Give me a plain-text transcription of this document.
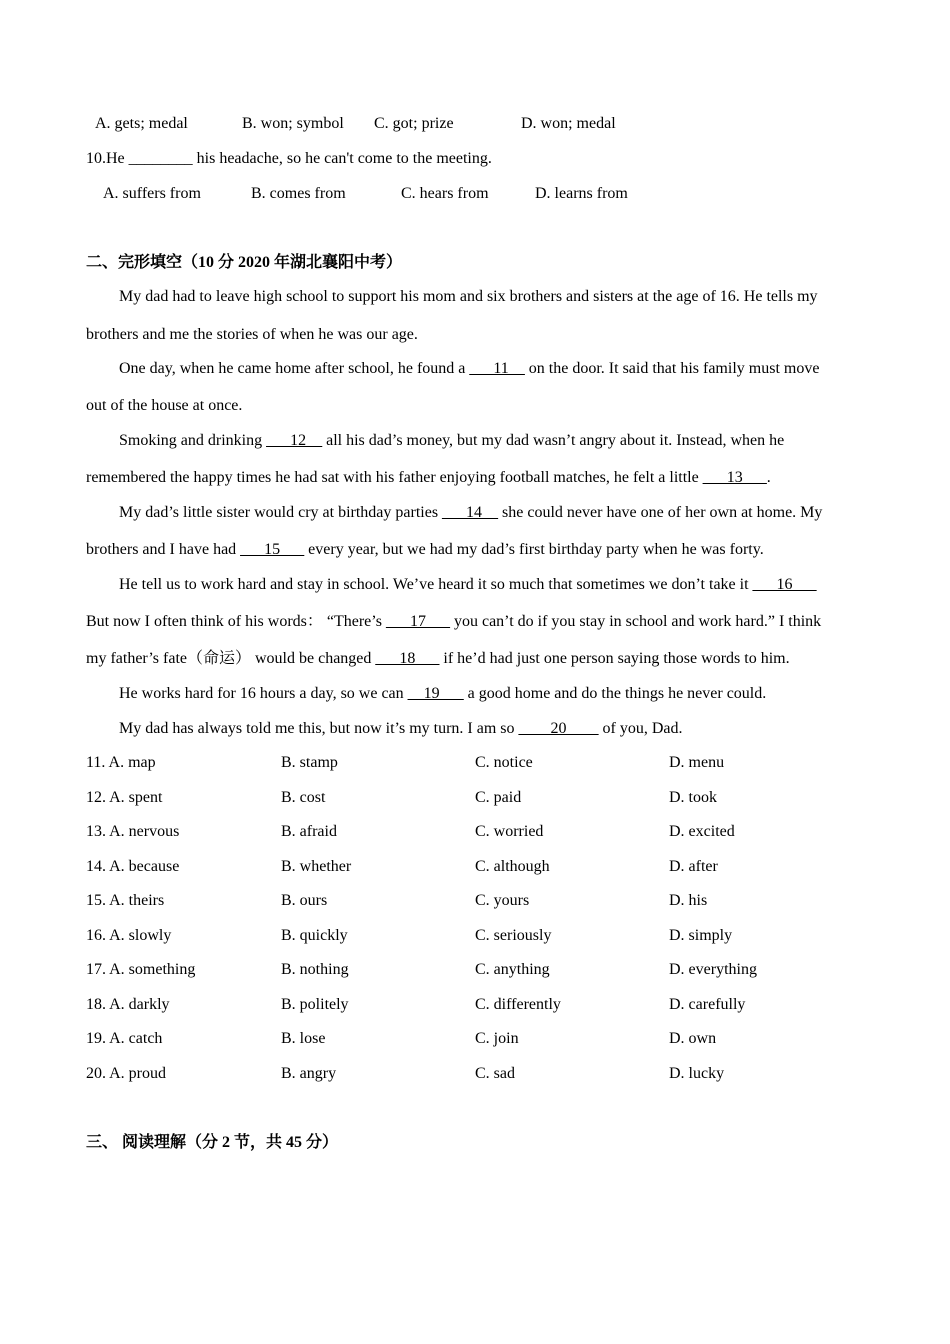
A. gets; medal	B. won; symbol C. got; prize	D. won; medal
10.He ________ his headache, so he can't come to the meeting.
A. suffers from	B. comes from	C. hears from	D. learns from
二、完形填空（10 分 2020 年湖北襄阳中考）
My dad had to leave high school to support his mom and six brothers and sisters at the age of 16. He tells my
brothers and me the stories of when he was our age.
One day, when he came home after school, he found a ___11__ on the door. It said that his family must move
out of the house at once.
Smoking and drinking ___12__ all his dad’s money, but my dad wasn’t angry about it. Instead, when he
remembered the happy times he had sat with his father enjoying football matches, he felt a little ___13___.
My dad’s little sister would cry at birthday parties ___14__ she could never have one of her own at home. My
brothers and I have had ___15___ every year, but we had my dad’s first birthday party when he was forty.
He tell us to work hard and stay in school. We’ve heard it so much that sometimes we don’t take it ___16___
But now I often think of his words： “There’s ___17___ you can’t do if you stay in school and work hard.” I think
my father’s fate（命运） would be changed ___18___ if he’d had just one person saying those words to him.
He works hard for 16 hours a day, so we can __19___ a good home and do the things he never could.
My dad has always told me this, but now it’s my turn. I am so ____20____ of you, Dad.
11. A. map	B. stamp	C. notice	D. menu
12. A. spent	B. cost	C. paid	D. took
13. A. nervous	B. afraid	C. worried	D. excited
14. A. because	B. whether	C. although	D. after
15. A. theirs	B. ours	C. yours	D. his
16. A. slowly	B. quickly	C. seriously	D. simply
17. A. something	B. nothing	C. anything	D. everything
18. A. darkly	B. politely	C. differently	D. carefully
19. A. catch	B. lose	C. join	D. own
20. A. proud	B. angry	C. sad	D. lucky
三、 阅读理解（分 2 节，共 45 分）
